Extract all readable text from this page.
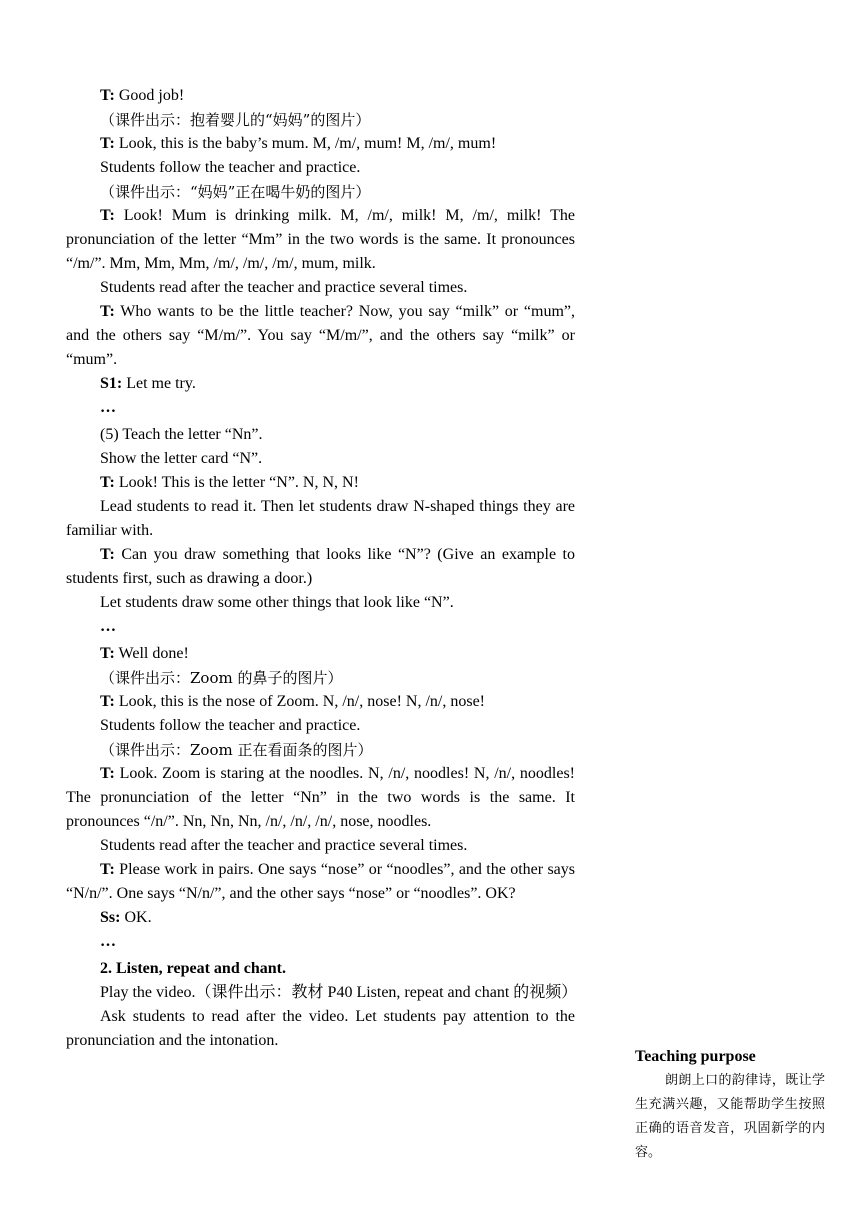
T: Good job!

（课件出示：抱着婴儿的“妈妈”的图片）

T: Look, this is the baby’s mum. M, /m/, mum! M, /m/, mum!

Students follow the teacher and practice.

（课件出示：“妈妈”正在喝牛奶的图片）

T: Look! Mum is drinking milk. M, /m/, milk! M, /m/, milk! The pronunciation of the letter “Mm” in the two words is the same. It pronounces “/m/”. Mm, Mm, Mm, /m/, /m/, /m/, mum, milk.

Students read after the teacher and practice several times.

T: Who wants to be the little teacher? Now, you say “milk” or “mum”, and the others say “M/m/”. You say “M/m/”, and the others say “milk” or “mum”.

S1: Let me try.

…

(5) Teach the letter “Nn”.

Show the letter card “N”.

T: Look! This is the letter “N”. N, N, N!

Lead students to read it. Then let students draw N-shaped things they are familiar with.

T: Can you draw something that looks like “N”? (Give an example to students first, such as drawing a door.)

Let students draw some other things that look like “N”.

…

T: Well done!

（课件出示：Zoom 的鼻子的图片）

T: Look, this is the nose of Zoom. N, /n/, nose! N, /n/, nose!

Students follow the teacher and practice.

（课件出示：Zoom 正在看面条的图片）

T: Look. Zoom is staring at the noodles. N, /n/, noodles! N, /n/, noodles! The pronunciation of the letter “Nn” in the two words is the same. It pronounces “/n/”. Nn, Nn, Nn, /n/, /n/, /n/, nose, noodles.

Students read after the teacher and practice several times.

T: Please work in pairs. One says “nose” or “noodles”, and the other says “N/n/”. One says “N/n/”, and the other says “nose” or “noodles”. OK?

Ss: OK.

…

2. Listen, repeat and chant.

Play the video.（课件出示：教材 P40 Listen, repeat and chant 的视频）

Ask students to read after the video. Let students pay attention to the pronunciation and the intonation.

Teaching purpose

朗朗上口的韵律诗，既让学生充满兴趣，又能帮助学生按照正确的语音发音，巩固新学的内容。
